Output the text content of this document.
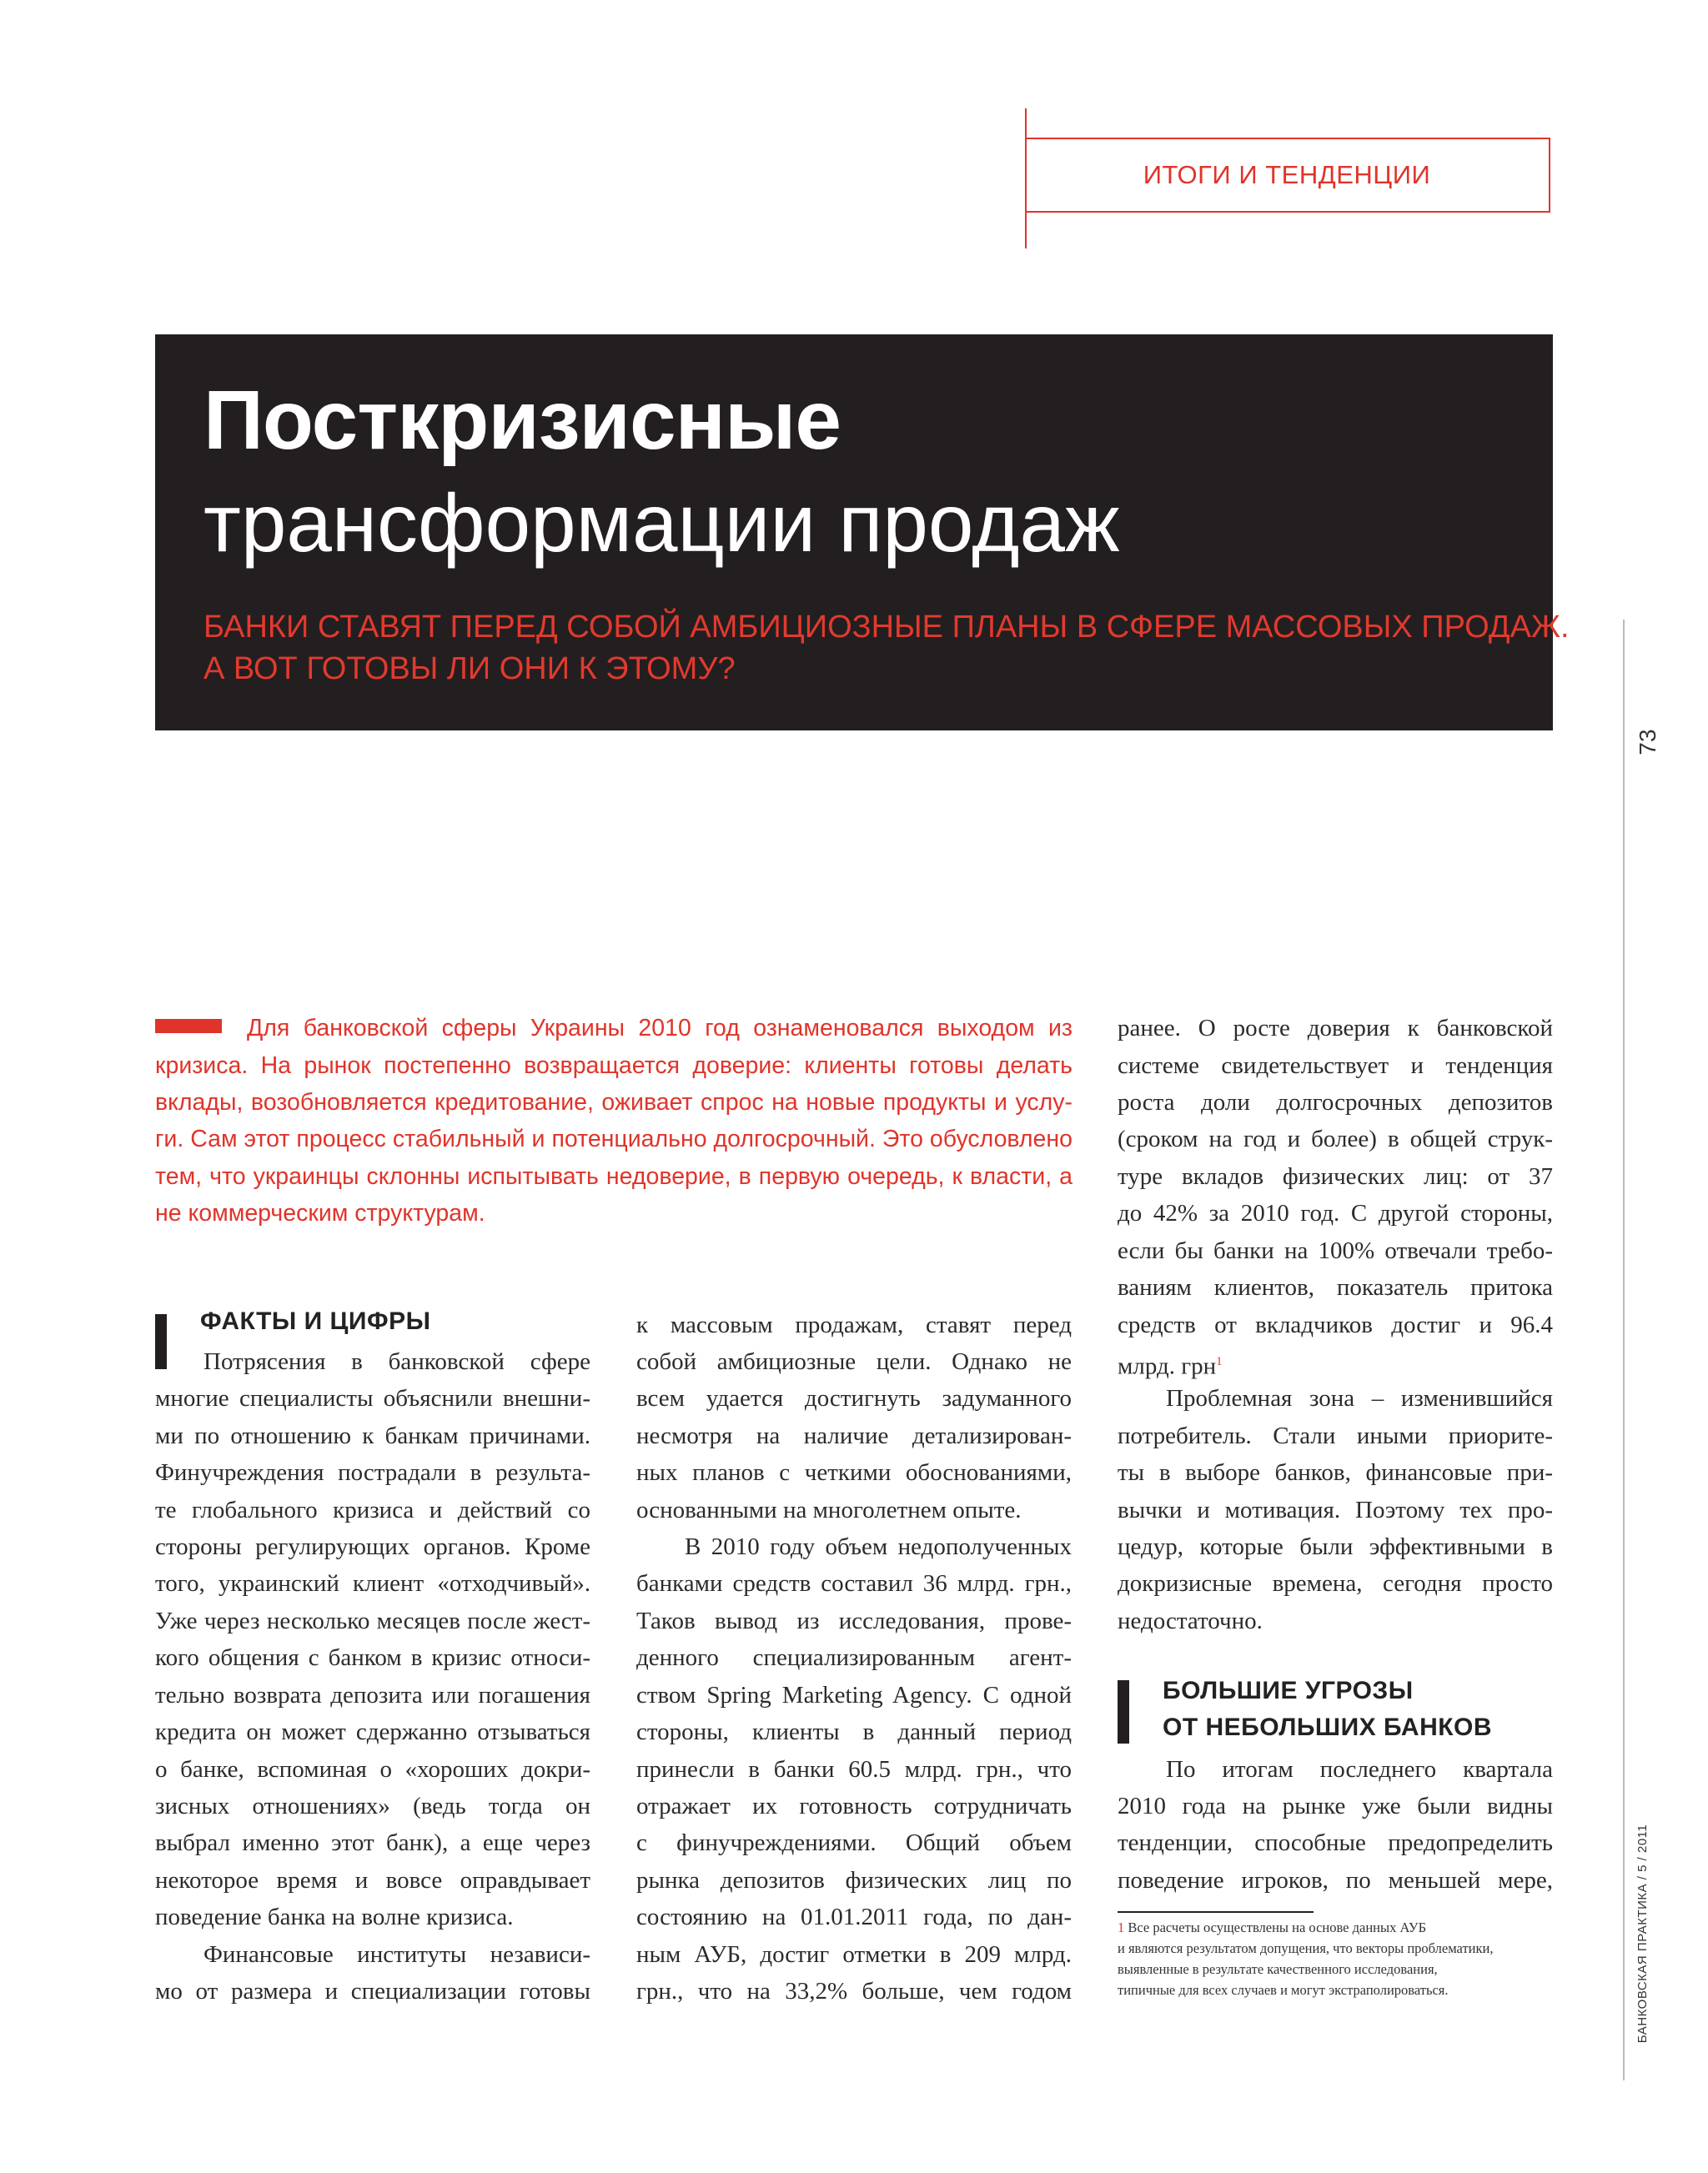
ИТОГИ И ТЕНДЕНЦИИ
Посткризисные
трансформации продаж
БАНКИ СТАВЯТ ПЕРЕД СОБОЙ АМБИЦИОЗНЫЕ ПЛАНЫ В СФЕРЕ МАССОВЫХ ПРОДАЖ.
А ВОТ ГОТОВЫ ЛИ ОНИ К ЭТОМУ?
73
БАНКОВСКАЯ ПРАКТИКА / 5 / 2011
Для банковской сферы Украины 2010 год ознаменовался выходом из
кризиса. На рынок постепенно возвращается доверие: клиенты готовы делать
вклады, возобновляется кредитование, оживает спрос на новые продукты и услу-
ги. Сам этот процесс стабильный и потенциально долгосрочный. Это обусловлено
тем, что украинцы склонны испытывать недоверие, в первую очередь, к власти, а
не коммерческим структурам.
ФАКТЫ И ЦИФРЫ
Потрясения в банковской сфере
многие специалисты объяснили внешни-
ми по отношению к банкам причинами.
Финучреждения пострадали в результа-
те глобального кризиса и действий со
стороны регулирующих органов. Кроме
того, украинский клиент «отходчивый».
Уже через несколько месяцев после жест-
кого общения с банком в кризис относи-
тельно возврата депозита или погашения
кредита он может сдержанно отзываться
о банке, вспоминая о «хороших докри-
зисных отношениях» (ведь тогда он
выбрал именно этот банк), а еще через
некоторое время и вовсе оправдывает
поведение банка на волне кризиса.
Финансовые институты независи-
мо от размера и специализации готовы
к массовым продажам, ставят перед
собой амбициозные цели. Однако не
всем удается достигнуть задуманного
несмотря на наличие детализирован-
ных планов с четкими обоснованиями,
основанными на многолетнем опыте.
В 2010 году объем недополученных
банками средств составил 36 млрд. грн.,
Таков вывод из исследования, прове-
денного специализированным агент-
ством Spring Marketing Agency. С одной
стороны, клиенты в данный период
принесли в банки 60.5 млрд. грн., что
отражает их готовность сотрудничать
с финучреждениями. Общий объем
рынка депозитов физических лиц по
состоянию на 01.01.2011 года, по дан-
ным АУБ, достиг отметки в 209 млрд.
грн., что на 33,2% больше, чем годом
ранее. О росте доверия к банковской
системе свидетельствует и тенденция
роста доли долгосрочных депозитов
(сроком на год и более) в общей струк-
туре вкладов физических лиц: от 37
до 42% за 2010 год. С другой стороны,
если бы банки на 100% отвечали требо-
ваниям клиентов, показатель притока
средств от вкладчиков достиг и 96.4
млрд. грн$^1$
Проблемная зона – изменившийся
потребитель. Стали иными приорите-
ты в выборе банков, финансовые при-
вычки и мотивация. Поэтому тех про-
цедур, которые были эффективными в
докризисные времена, сегодня просто
недостаточно.
БОЛЬШИЕ УГРОЗЫ
ОТ НЕБОЛЬШИХ БАНКОВ
По итогам последнего квартала
2010 года на рынке уже были видны
тенденции, способные предопределить
поведение игроков, по меньшей мере,
1 Все расчеты осуществлены на основе данных АУБ
и являются результатом допущения, что векторы проблематики,
выявленные в результате качественного исследования,
типичные для всех случаев и могут экстраполироваться.
